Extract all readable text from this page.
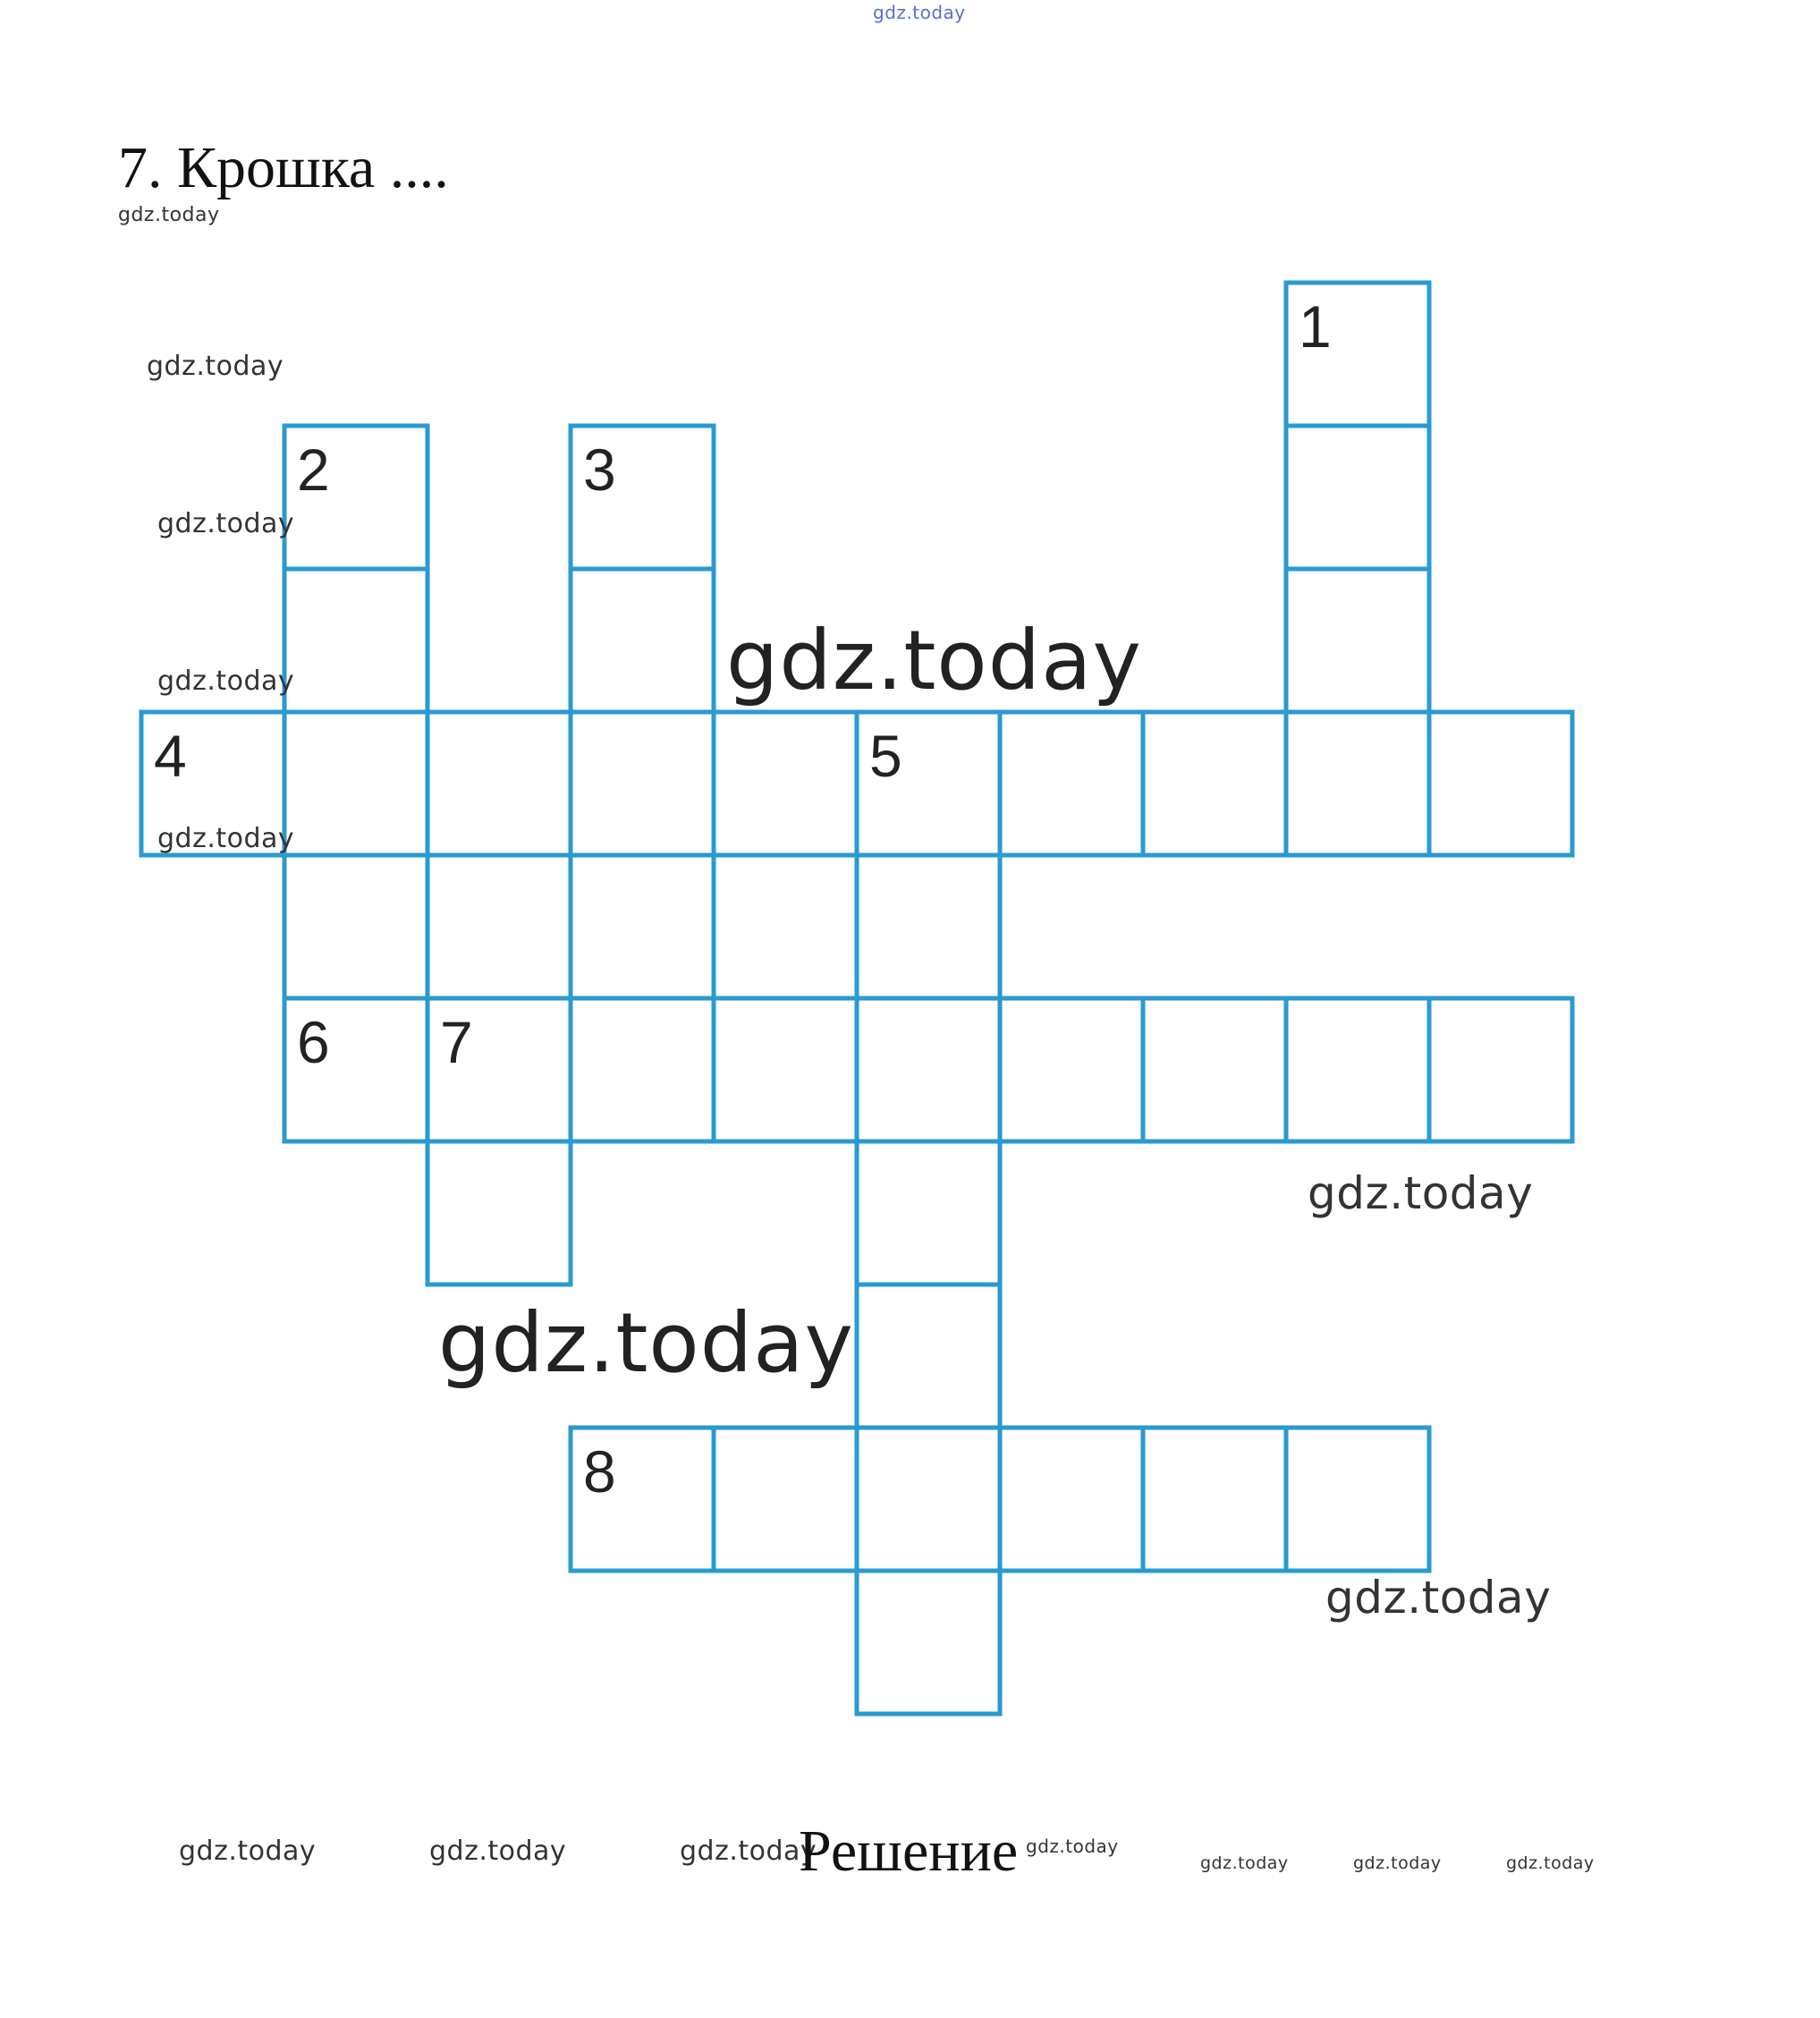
gdz.today
7. Крошка ....
gdz.today
1
2	3
4	5
6 7
8
gdz.today
gdz.today
gdz.today
gdz.today
gdz.today
gdz.today
gdz.today
gdz.today
gdz.today	gdz.today	gdz.today
Решение gdz.today
gdz.today	gdz.today	gdz.today
